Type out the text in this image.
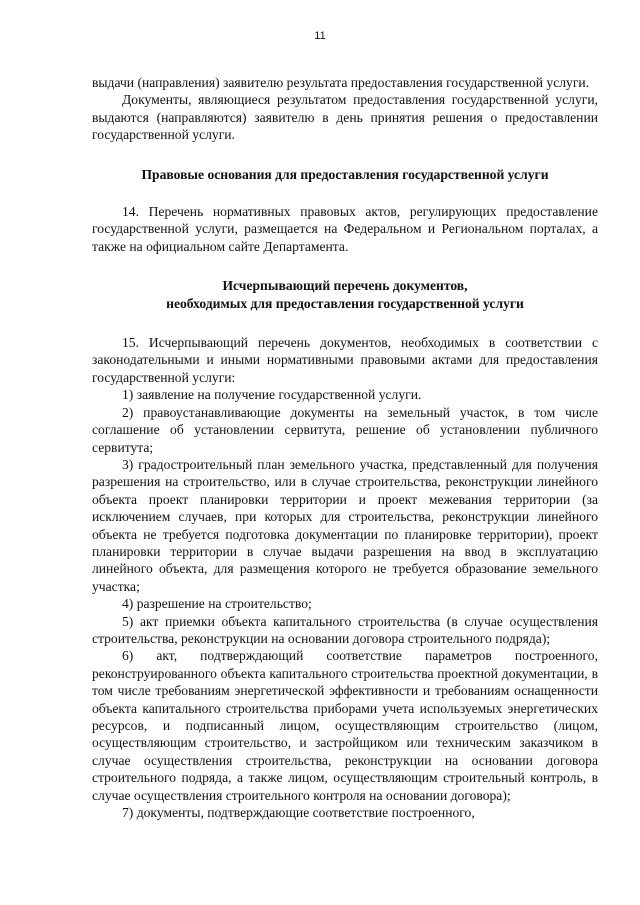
11

выдачи (направления) заявителю результата предоставления государственной услуги.

Документы, являющиеся результатом предоставления государственной услуги, выдаются (направляются) заявителю в день принятия решения о предоставлении государственной услуги.

Правовые основания для предоставления государственной услуги

14. Перечень нормативных правовых актов, регулирующих предоставление государственной услуги, размещается на Федеральном и Региональном порталах, а также на официальном сайте Департамента.

Исчерпывающий перечень документов,
необходимых для предоставления государственной услуги

15. Исчерпывающий перечень документов, необходимых в соответствии с законодательными и иными нормативными правовыми актами для предоставления государственной услуги:

1) заявление на получение государственной услуги.

2) правоустанавливающие документы на земельный участок, в том числе соглашение об установлении сервитута, решение об установлении публичного сервитута;

3) градостроительный план земельного участка, представленный для получения разрешения на строительство, или в случае строительства, реконструкции линейного объекта проект планировки территории и проект межевания территории (за исключением случаев, при которых для строительства, реконструкции линейного объекта не требуется подготовка документации по планировке территории), проект планировки территории в случае выдачи разрешения на ввод в эксплуатацию линейного объекта, для размещения которого не требуется образование земельного участка;

4) разрешение на строительство;

5) акт приемки объекта капитального строительства (в случае осуществления строительства, реконструкции на основании договора строительного подряда);

6) акт, подтверждающий соответствие параметров построенного, реконструированного объекта капитального строительства проектной документации, в том числе требованиям энергетической эффективности и требованиям оснащенности объекта капитального строительства приборами учета используемых энергетических ресурсов, и подписанный лицом, осуществляющим строительство (лицом, осуществляющим строительство, и застройщиком или техническим заказчиком в случае осуществления строительства, реконструкции на основании договора строительного подряда, а также лицом, осуществляющим строительный контроль, в случае осуществления строительного контроля на основании договора);

7) документы, подтверждающие соответствие построенного,
